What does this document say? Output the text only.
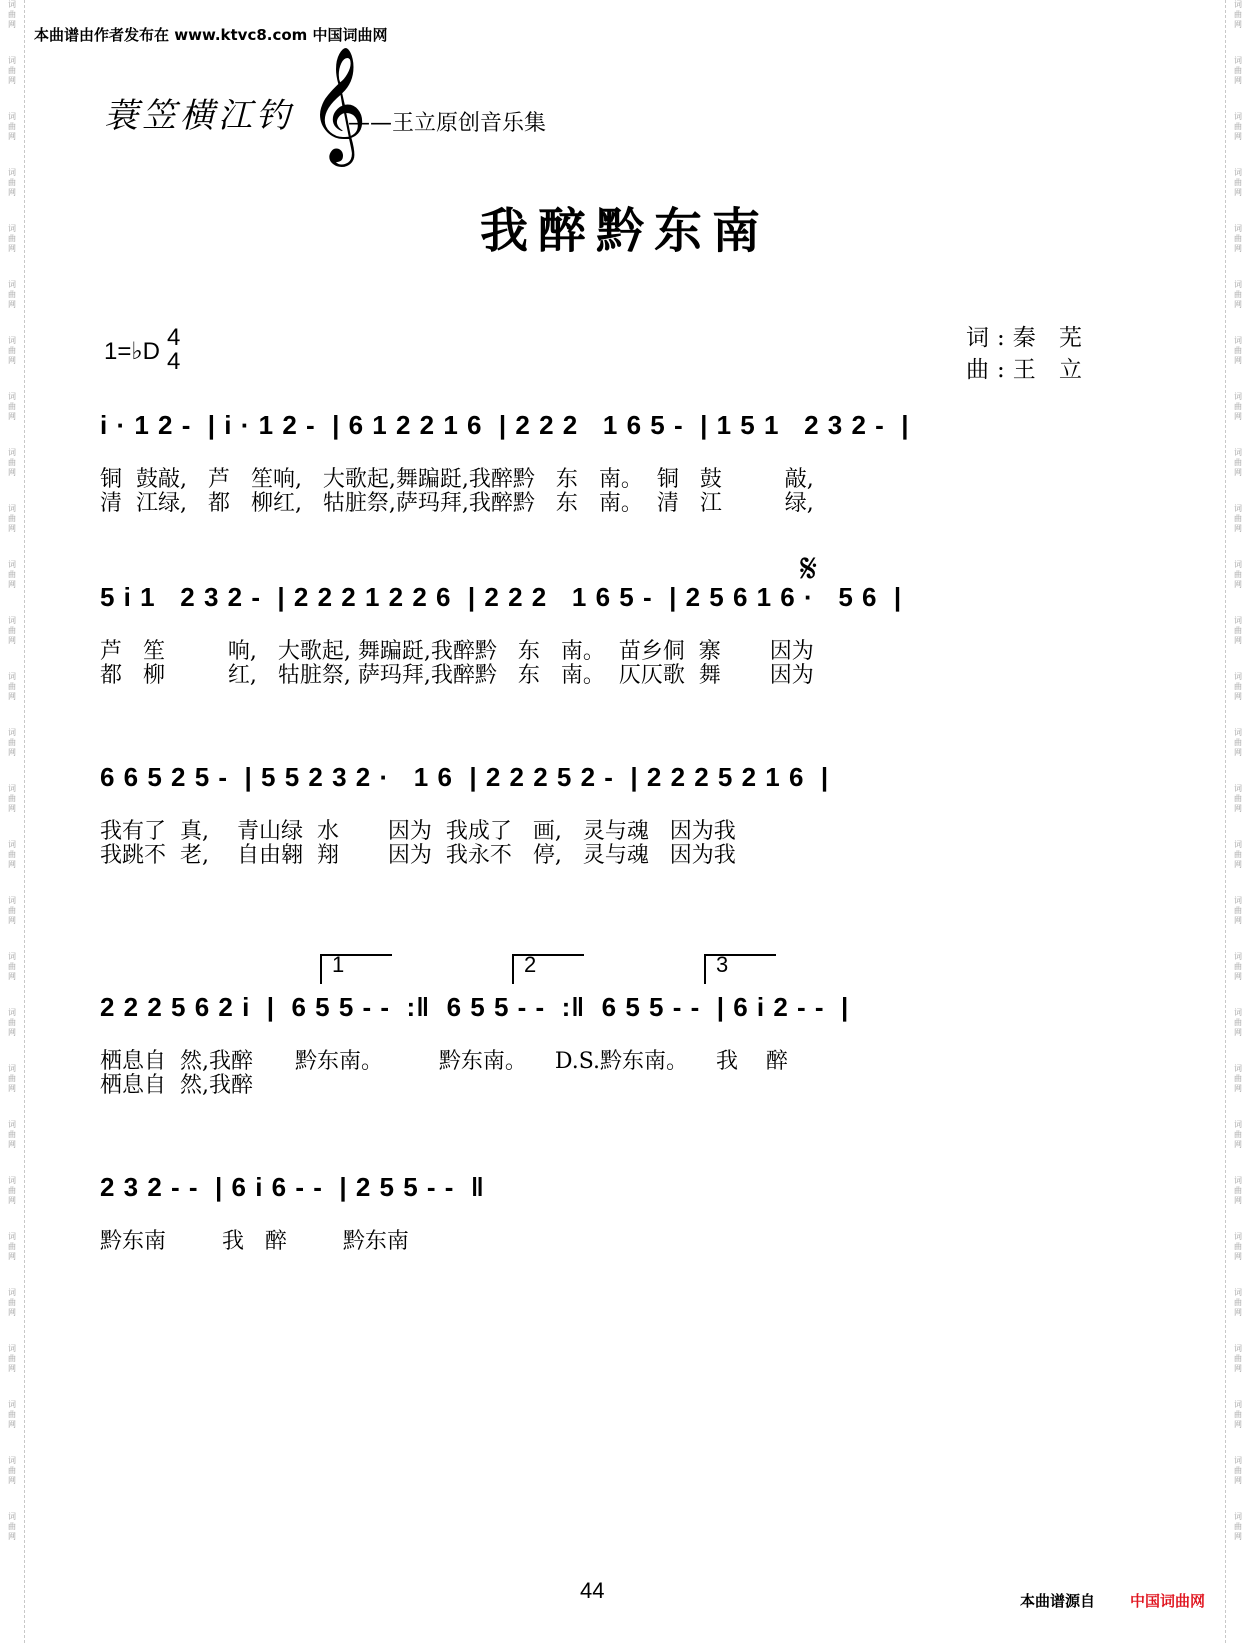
词
曲
网
词
曲
网
词
曲
网
词
曲
网
词
曲
网
词
曲
网
词
曲
网
词
曲
网
词
曲
网
词
曲
网
词
曲
网
词
曲
网
词
曲
网
词
曲
网
词
曲
网
词
曲
网
词
曲
网
词
曲
网
词
曲
网
词
曲
网
词
曲
网
词
曲
网
词
曲
网
词
曲
网
词
曲
网
词
曲
网
词
曲
网
词
曲
网
词
曲
网
词
曲
网
词
曲
网
词
曲
网
词
曲
网
词
曲
网
词
曲
网
词
曲
网
词
曲
网
词
曲
网
词
曲
网
词
曲
网
词
曲
网
词
曲
网
词
曲
网
词
曲
网
词
曲
网
词
曲
网
词
曲
网
词
曲
网
词
曲
网
词
曲
网
词
曲
网
词
曲
网
词
曲
网
词
曲
网
词
曲
网
词
曲
网
本曲谱由作者发布在 www.ktvc8.com 中国词曲网
蓑笠横江钓 𝄞
——王立原创音乐集
我醉黔东南
1=♭D
4
4
词:秦 芜
曲:王 立
i · 1 2 -  | i · 1 2 -  | 6 1 2 2 1 6  | 2 2 2   1 6 5 -  | 1 5 1   2 3 2 -  |
铜  鼓敲,   芦   笙响,   大歌起,舞蹁跹,我醉黔   东   南。  铜   鼓         敲,
清  江绿,   都   柳红,   牯脏祭,萨玛拜,我醉黔   东   南。  清   江         绿,
𝄋
5 i 1   2 3 2 -  | 2 2 2 1 2 2 6  | 2 2 2   1 6 5 -  | 2 5 6 1 6 ·   5 6  |
芦   笙         响,   大歌起, 舞蹁跹,我醉黔   东   南。  苗乡侗  寨       因为
都   柳         红,   牯脏祭, 萨玛拜,我醉黔   东   南。  仄仄歌  舞       因为
6 6 5 2 5 -  | 5 5 2 3 2 ·   1 6  | 2 2 2 5 2 -  | 2 2 2 5 2 1 6  |
我有了  真,    青山绿  水       因为  我成了   画,   灵与魂   因为我
我跳不  老,    自由翱  翔       因为  我永不   停,   灵与魂   因为我
1	2	3
2 2 2 5 6 2 i  |  6 5 5 - -  :‖  6 5 5 - -  :‖  6 5 5 - -  | 6 i 2 - -  |
栖息自  然,我醉      黔东南。        黔东南。    D.S.黔东南。    我    醉
栖息自  然,我醉
2 3 2 - -  | 6 i 6 - -  | 2 5 5 - -  ‖
黔东南        我   醉        黔东南
44	本曲谱源自 中国词曲网
